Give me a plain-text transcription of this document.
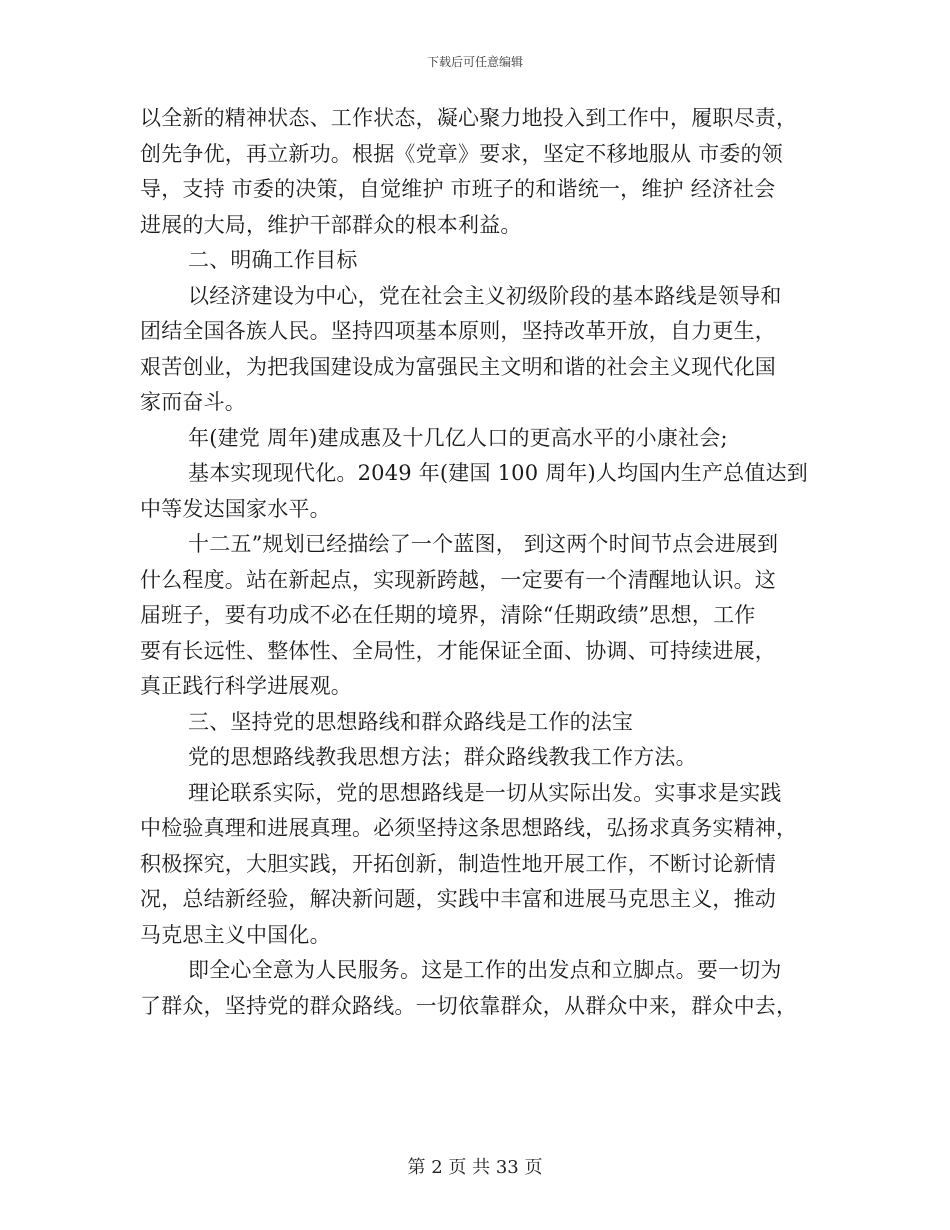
下载后可任意编辑

以全新的精神状态、工作状态，凝心聚力地投入到工作中，履职尽责，
创先争优，再立新功。根据《党章》要求，坚定不移地服从 市委的领
导，支持 市委的决策，自觉维护 市班子的和谐统一，维护 经济社会
进展的大局，维护干部群众的根本利益。

二、明确工作目标

以经济建设为中心，党在社会主义初级阶段的基本路线是领导和
团结全国各族人民。坚持四项基本原则，坚持改革开放，自力更生，
艰苦创业，为把我国建设成为富强民主文明和谐的社会主义现代化国
家而奋斗。

年(建党 周年)建成惠及十几亿人口的更高水平的小康社会;

基本实现现代化。2049 年(建国 100 周年)人均国内生产总值达到
中等发达国家水平。

十二五”规划已经描绘了一个蓝图， 到这两个时间节点会进展到
什么程度。站在新起点，实现新跨越，一定要有一个清醒地认识。这
届班子，要有功成不必在任期的境界，清除“任期政绩”思想，工作
要有长远性、整体性、全局性，才能保证全面、协调、可持续进展，
真正践行科学进展观。

三、坚持党的思想路线和群众路线是工作的法宝

党的思想路线教我思想方法；群众路线教我工作方法。

理论联系实际，党的思想路线是一切从实际出发。实事求是实践
中检验真理和进展真理。必须坚持这条思想路线，弘扬求真务实精神，
积极探究，大胆实践，开拓创新，制造性地开展工作，不断讨论新情
况，总结新经验，解决新问题，实践中丰富和进展马克思主义，推动
马克思主义中国化。

即全心全意为人民服务。这是工作的出发点和立脚点。要一切为
了群众，坚持党的群众路线。一切依靠群众，从群众中来，群众中去，

第 2 页 共 33 页
